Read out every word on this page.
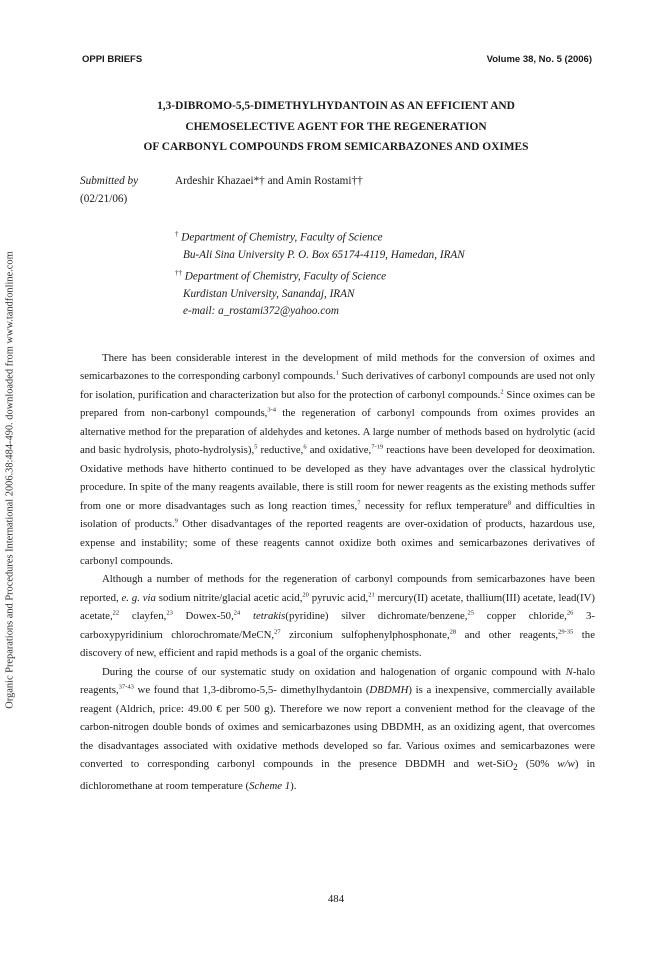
Organic Preparations and Procedures International 2006.38:484-490. downloaded from www.tandfonline.com
OPPI BRIEFS	Volume 38, No. 5 (2006)
1,3-DIBROMO-5,5-DIMETHYLHYDANTOIN AS AN EFFICIENT AND
CHEMOSELECTIVE AGENT FOR THE REGENERATION
OF CARBONYL COMPOUNDS FROM SEMICARBAZONES AND OXIMES
Submitted by
(02/21/06)
Ardeshir Khazaei*† and Amin Rostami††
† Department of Chemistry, Faculty of Science
Bu-Ali Sina University P. O. Box 65174-4119, Hamedan, IRAN
†† Department of Chemistry, Faculty of Science
Kurdistan University, Sanandaj, IRAN
e-mail: a_rostami372@yahoo.com

There has been considerable interest in the development of mild methods for the conversion of oximes and semicarbazones to the corresponding carbonyl compounds.$^1$ Such derivatives of carbonyl compounds are used not only for isolation, purification and characterization but also for the protection of carbonyl compounds.$^2$ Since oximes can be prepared from non-carbonyl compounds,$^{3-4}$ the regeneration of carbonyl compounds from oximes provides an alternative method for the preparation of aldehydes and ketones. A large number of methods based on hydrolytic (acid and basic hydrolysis, photo-hydrolysis),$^5$ reductive,$^6$ and oxidative,$^{7-19}$ reactions have been developed for deoximation. Oxidative methods have hitherto continued to be developed as they have advantages over the classical hydrolytic procedure. In spite of the many reagents available, there is still room for newer reagents as the existing methods suffer from one or more disadvantages such as long reaction times,$^7$ necessity for reflux temperature$^8$ and difficulties in isolation of products.$^9$ Other disadvantages of the reported reagents are over-oxidation of products, hazardous use, expense and instability; some of these reagents cannot oxidize both oximes and semicarbazones derivatives of carbonyl compounds.

Although a number of methods for the regeneration of carbonyl compounds from semicarbazones have been reported, e. g. via sodium nitrite/glacial acetic acid,$^{20}$ pyruvic acid,$^{21}$ mercury(II) acetate, thallium(III) acetate, lead(IV) acetate,$^{22}$ clayfen,$^{23}$ Dowex-50,24 tetrakis(pyridine) silver dichromate/benzene,$^{25}$ copper chloride,$^{26}$ 3-carboxypyridinium chlorochromate/MeCN,$^{27}$ zirconium sulfophenylphosphonate,$^{28}$ and other reagents,$^{29-35}$ the discovery of new, efficient and rapid methods is a goal of the organic chemists.

During the course of our systematic study on oxidation and halogenation of organic compound with N-halo reagents,$^{37-43}$ we found that 1,3-dibromo-5,5- dimethylhydantoin (DBDMH) is a inexpensive, commercially available reagent (Aldrich, price: 49.00 € per 500 g). Therefore we now report a convenient method for the cleavage of the carbon-nitrogen double bonds of oximes and semicarbazones using DBDMH, as an oxidizing agent, that overcomes the disadvantages associated with oxidative methods developed so far. Various oximes and semicarbazones were converted to corresponding carbonyl compounds in the presence DBDMH and wet-SiO$_2$ (50% w/w) in dichloromethane at room temperature (Scheme 1).

484
